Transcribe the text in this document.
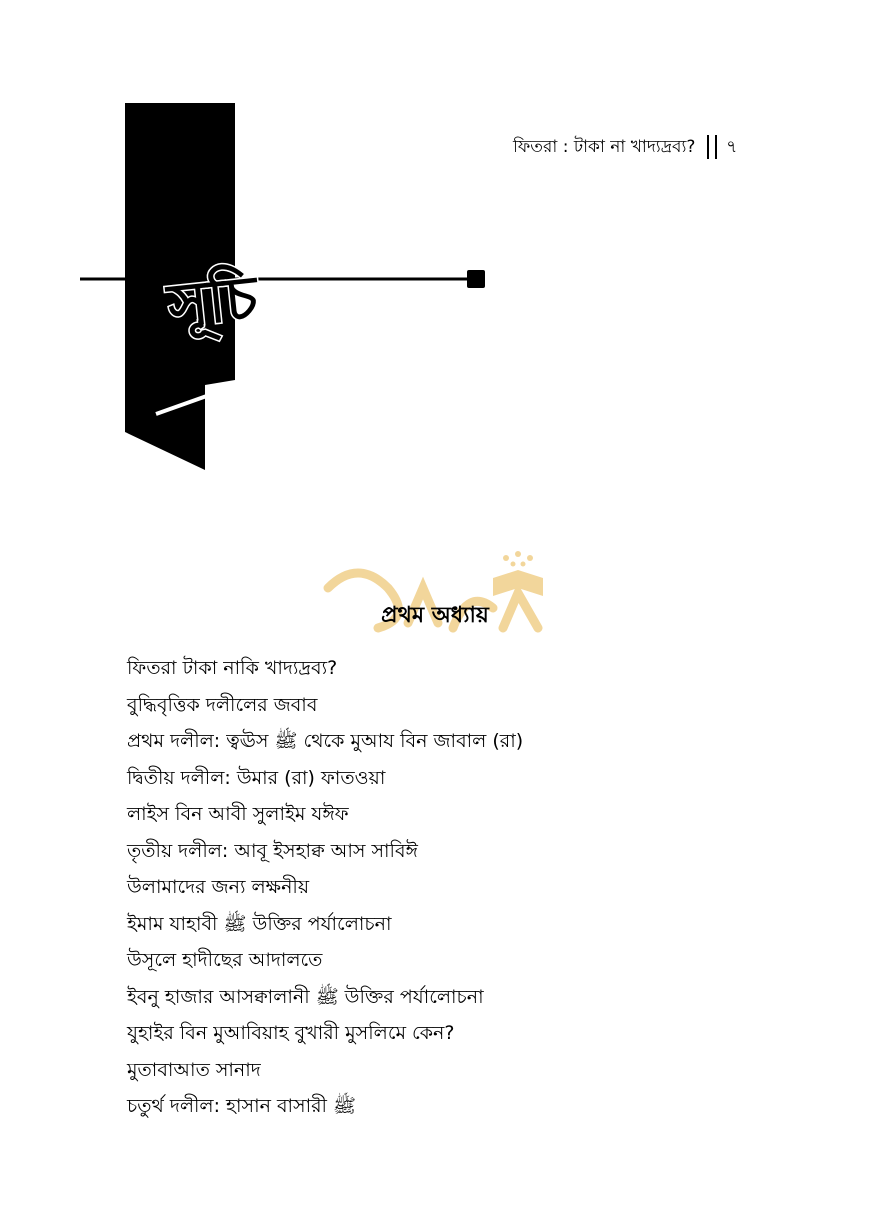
ফিতরা : টাকা না খাদ্যদ্রব্য? ৭
সূচি
প্রথম অধ্যায়
ফিতরা টাকা নাকি খাদ্যদ্রব্য?
বুদ্ধিবৃত্তিক দলীলের জবাব
প্রথম দলীল: ত্বঊস ﷺ থেকে মুআয বিন জাবাল (রা)
দ্বিতীয় দলীল: উমার (রা) ফাতওয়া
লাইস বিন আবী সুলাইম যঈফ
তৃতীয় দলীল: আবূ ইসহাক্ব আস সাবিঈ
উলামাদের জন্য লক্ষনীয়
ইমাম যাহাবী ﷺ উক্তির পর্যালোচনা
উসূলে হাদীছের আদালতে
ইবনু হাজার আসক্বালানী ﷺ উক্তির পর্যালোচনা
যুহাইর বিন মুআবিয়াহ বুখারী মুসলিমে কেন?
মুতাবাআত সানাদ
চতুর্থ দলীল: হাসান বাসারী ﷺ
